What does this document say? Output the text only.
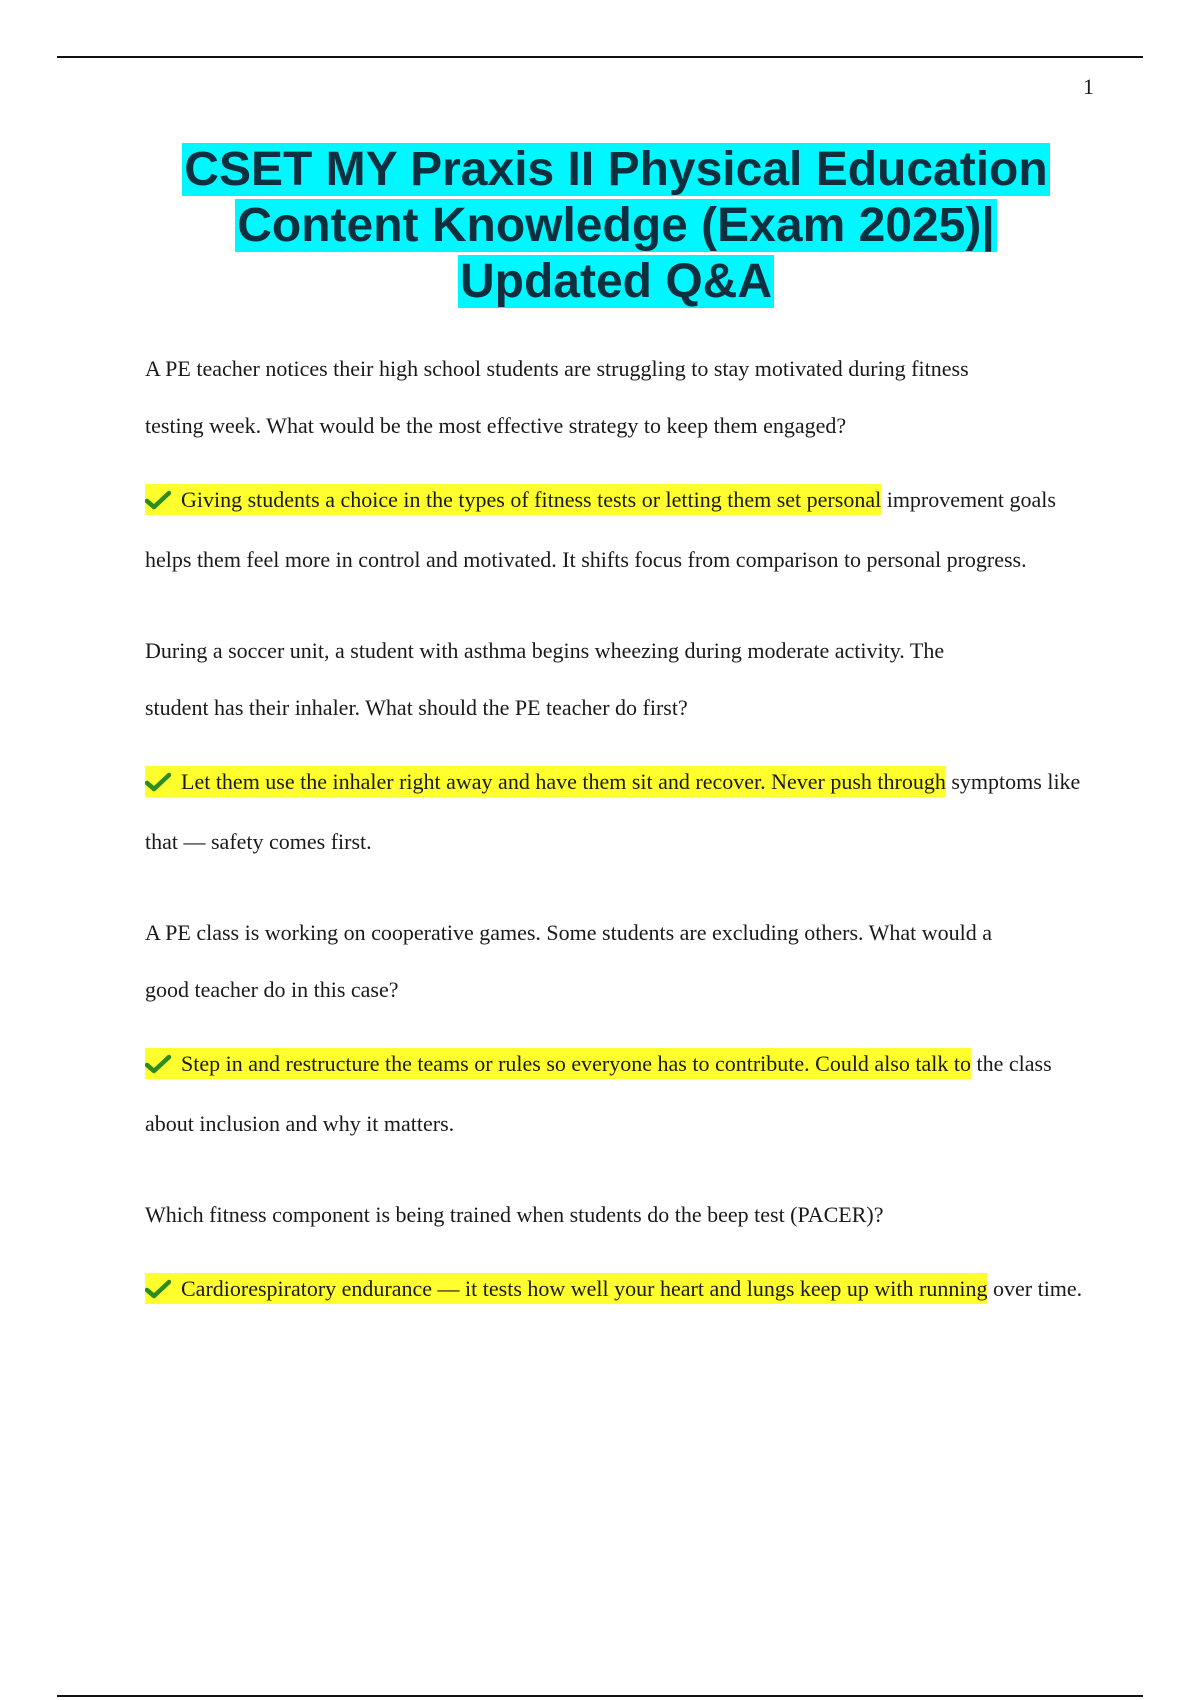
1
CSET MY Praxis II Physical Education
Content Knowledge (Exam 2025)|
Updated Q&A

A PE teacher notices their high school students are struggling to stay motivated during fitness
testing week. What would be the most effective strategy to keep them engaged?

Giving students a choice in the types of fitness tests or letting them set personal improvement goals helps them feel more in control and motivated. It shifts focus from comparison to personal progress.

During a soccer unit, a student with asthma begins wheezing during moderate activity. The
student has their inhaler. What should the PE teacher do first?

Let them use the inhaler right away and have them sit and recover. Never push through symptoms like that — safety comes first.

A PE class is working on cooperative games. Some students are excluding others. What would a
good teacher do in this case?

Step in and restructure the teams or rules so everyone has to contribute. Could also talk to the class about inclusion and why it matters.

Which fitness component is being trained when students do the beep test (PACER)?

Cardiorespiratory endurance — it tests how well your heart and lungs keep up with running over time.
